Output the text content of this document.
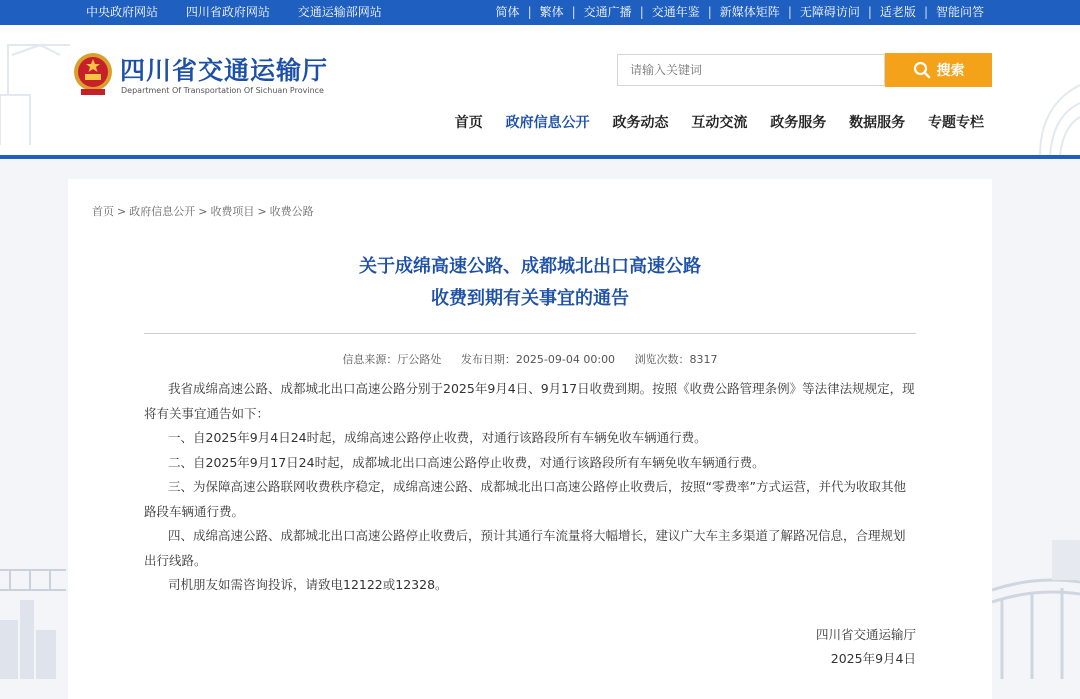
中央政府网站 四川省政府网站 交通运输部网站	简体 | 繁体 | 交通广播 | 交通年鉴 | 新媒体矩阵 | 无障碍访问 | 适老版 | 智能问答
四川省交通运输厅
Department Of Transportation Of Sichuan Province
请输入关键词
搜索
首页 政府信息公开 政务动态 互动交流 政务服务 数据服务 专题专栏
首页 > 政府信息公开 > 收费项目 > 收费公路
关于成绵高速公路、成都城北出口高速公路
收费到期有关事宜的通告
信息来源：厅公路处 发布日期：2025-09-04 00:00 浏览次数：8317

我省成绵高速公路、成都城北出口高速公路分别于2025年9月4日、9月17日收费到期。按照《收费公路管理条例》等法律法规规定，现将有关事宜通告如下：

一、自2025年9月4日24时起，成绵高速公路停止收费，对通行该路段所有车辆免收车辆通行费。

二、自2025年9月17日24时起，成都城北出口高速公路停止收费，对通行该路段所有车辆免收车辆通行费。

三、为保障高速公路联网收费秩序稳定，成绵高速公路、成都城北出口高速公路停止收费后，按照“零费率”方式运营，并代为收取其他路段车辆通行费。

四、成绵高速公路、成都城北出口高速公路停止收费后，预计其通行车流量将大幅增长，建议广大车主多渠道了解路况信息，合理规划出行线路。

司机朋友如需咨询投诉，请致电12122或12328。

四川省交通运输厅
2025年9月4日
